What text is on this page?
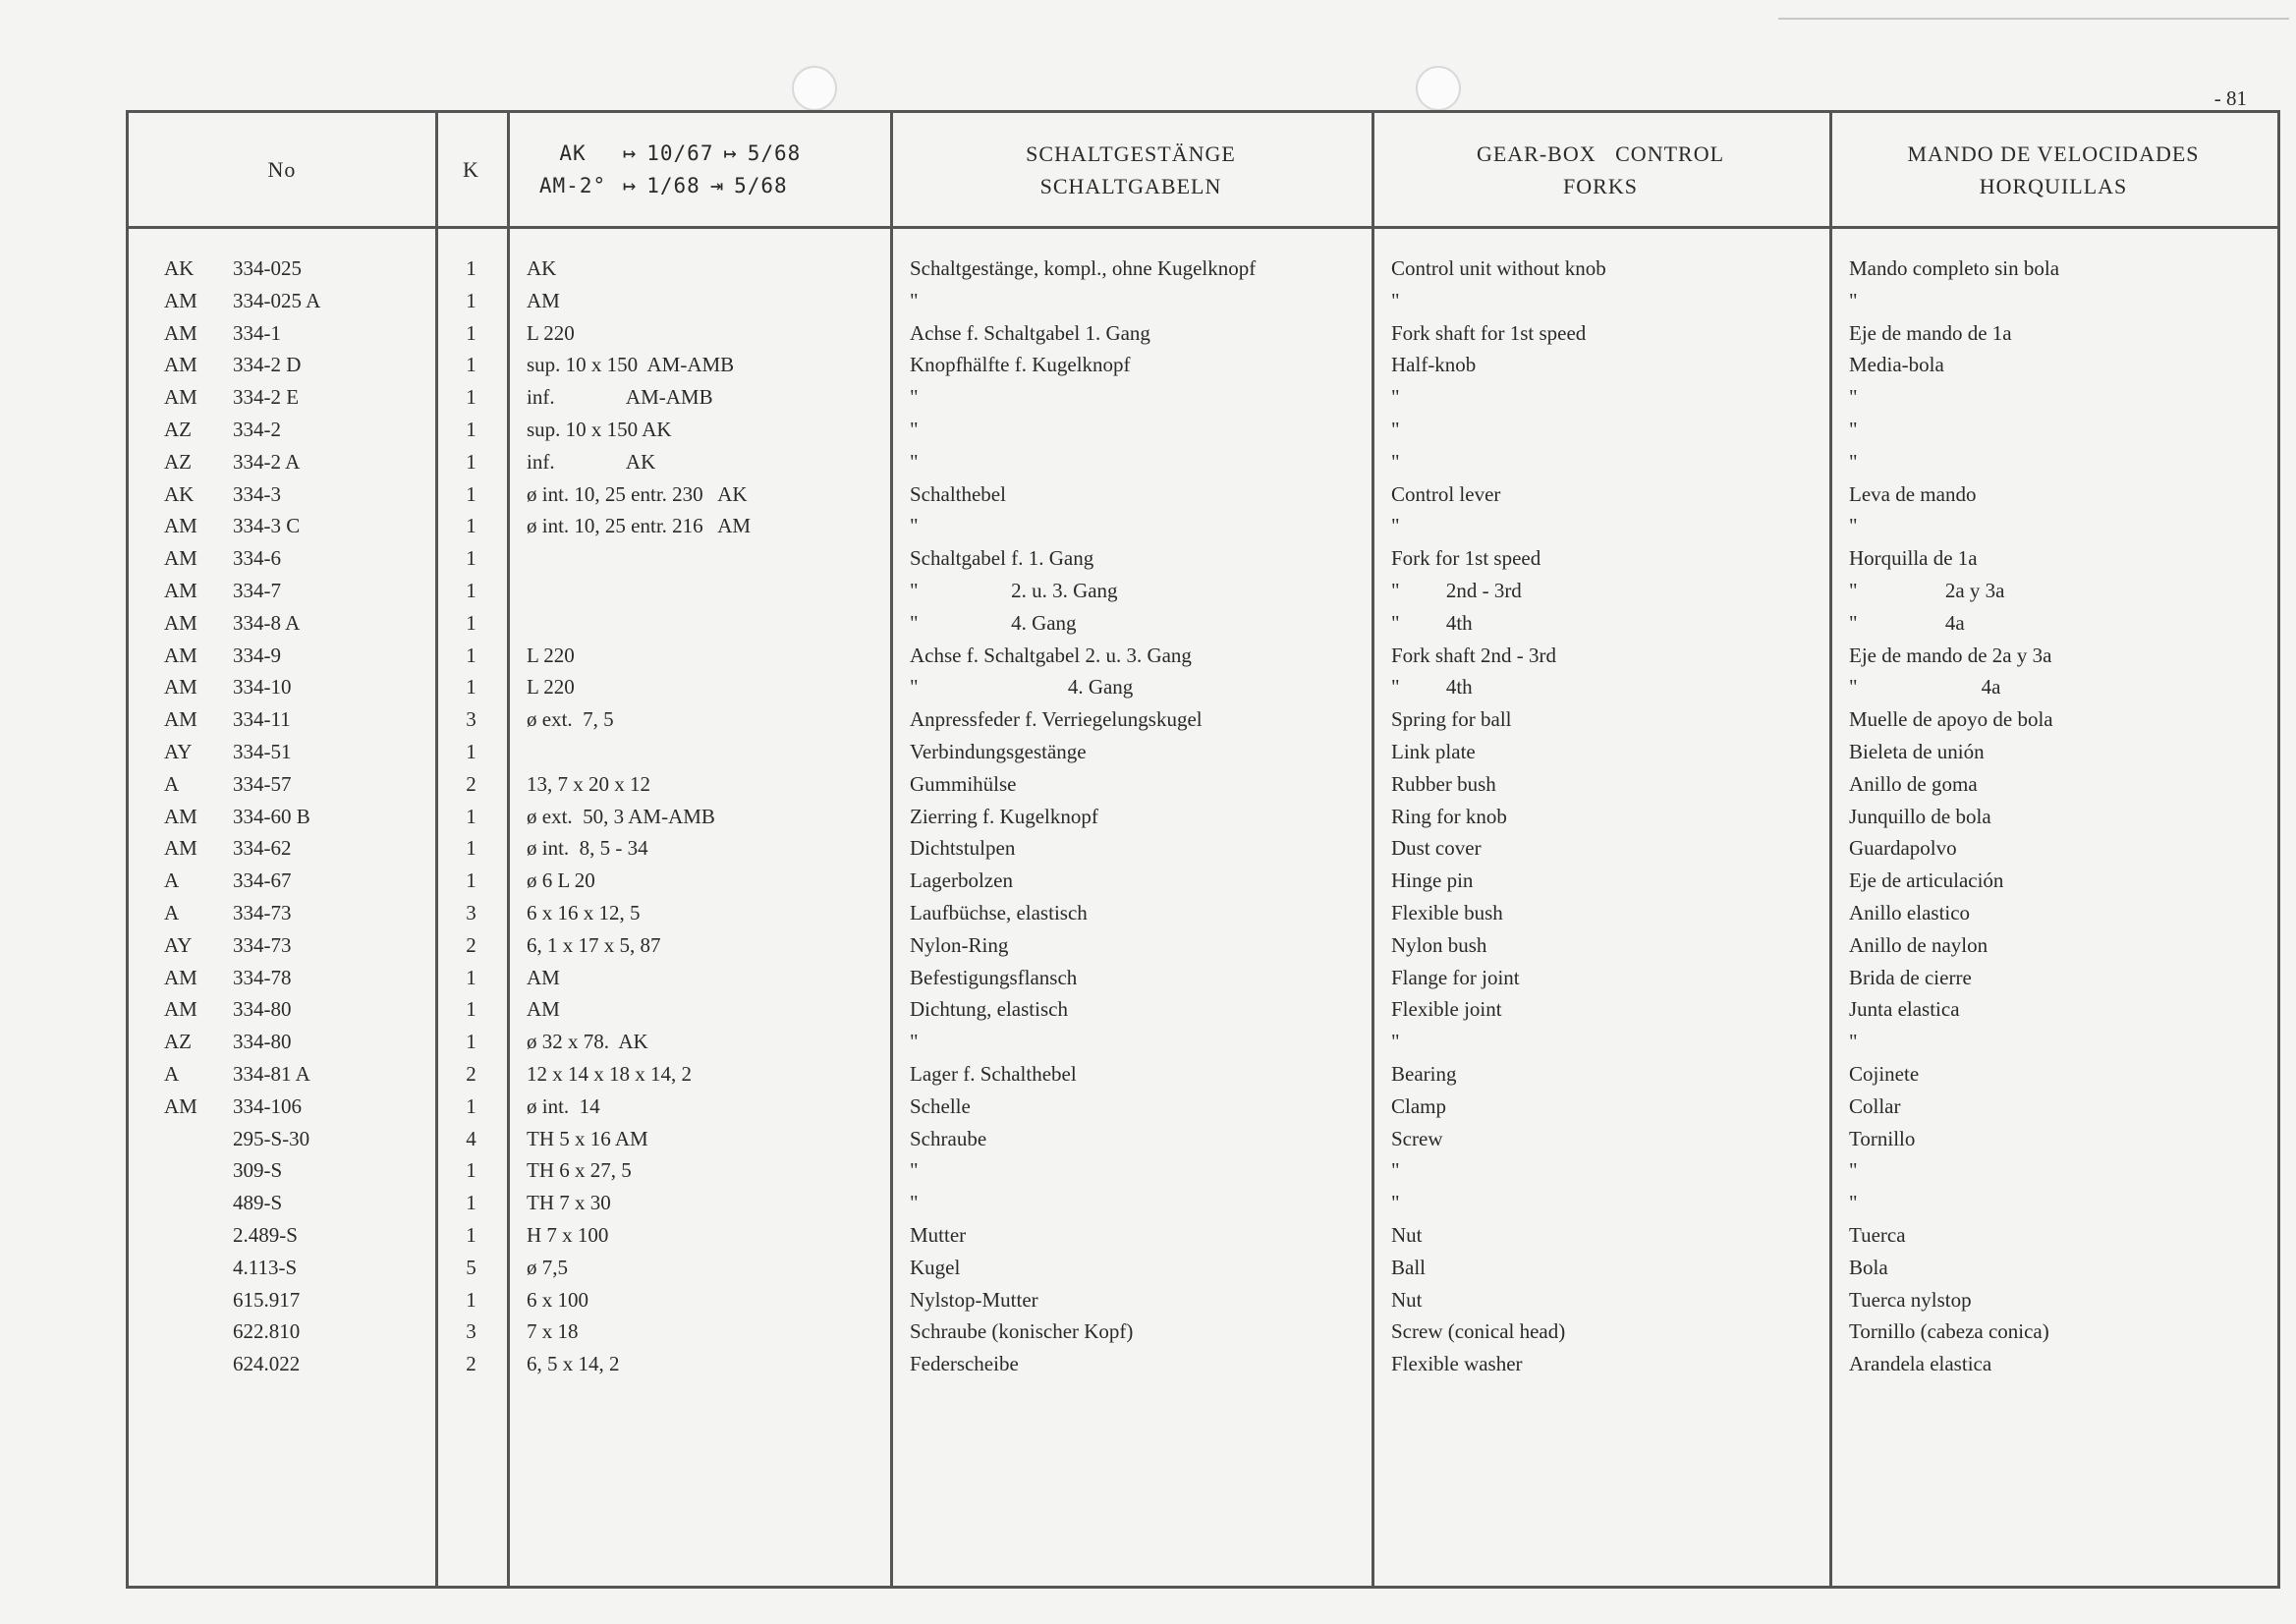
- 81
No
AK 334-025
AM 334-025 A
AM 334-1
AM 334-2 D
AM 334-2 E
AZ 334-2
AZ 334-2 A
AK 334-3
AM 334-3 C
AM 334-6
AM 334-7
AM 334-8 A
AM 334-9
AM 334-10
AM 334-11
AY 334-51
A	334-57
AM 334-60 B
AM 334-62
A	334-67
A	334-73
AY 334-73
AM 334-78
AM 334-80
AZ 334-80
A	334-81 A
AM 334-106
295-S-30
309-S
489-S
2.489-S
4.113-S
615.917
622.810
624.022
K
1
1
1
1
1
1
1
1
1
1
1
1
1
1
3
1
2
1
1
1
3
2
1
1
1
2
1
4
1
1
1
5
1
3
2
AK ↦ 10/67 ↦ 5/68
AM-2° ↦ 1/68 ⇥ 5/68
AK
AM
L 220
sup. 10 x 150  AM-AMB
inf.              AM-AMB
sup. 10 x 150 AK
inf.              AK
ø int. 10, 25 entr. 230   AK
ø int. 10, 25 entr. 216   AM
L 220
L 220
ø ext.  7, 5
13, 7 x 20 x 12
ø ext.  50, 3 AM-AMB
ø int.  8, 5 - 34
ø 6 L 20
6 x 16 x 12, 5
6, 1 x 17 x 5, 87
AM
AM
ø 32 x 78.  AK
12 x 14 x 18 x 14, 2
ø int.  14
TH 5 x 16 AM
TH 6 x 27, 5
TH 7 x 30
H 7 x 100
ø 7,5
6 x 100
7 x 18
6, 5 x 14, 2
SCHALTGESTÄNGE
SCHALTGABELN
Schaltgestänge, kompl., ohne Kugelknopf
"
Achse f. Schaltgabel 1. Gang
Knopfhälfte f. Kugelknopf
"
"
"
Schalthebel
"
Schaltgabel f. 1. Gang
"                  2. u. 3. Gang
"                  4. Gang
Achse f. Schaltgabel 2. u. 3. Gang
"                             4. Gang
Anpressfeder f. Verriegelungskugel
Verbindungsgestänge
Gummihülse
Zierring f. Kugelknopf
Dichtstulpen
Lagerbolzen
Laufbüchse, elastisch
Nylon-Ring
Befestigungsflansch
Dichtung, elastisch
"
Lager f. Schalthebel
Schelle
Schraube
"
"
Mutter
Kugel
Nylstop-Mutter
Schraube (konischer Kopf)
Federscheibe
GEAR-BOX   CONTROL
FORKS
Control unit without knob
"
Fork shaft for 1st speed
Half-knob
"
"
"
Control lever
"
Fork for 1st speed
"         2nd - 3rd
"         4th
Fork shaft 2nd - 3rd
"         4th
Spring for ball
Link plate
Rubber bush
Ring for knob
Dust cover
Hinge pin
Flexible bush
Nylon bush
Flange for joint
Flexible joint
"
Bearing
Clamp
Screw
"
"
Nut
Ball
Nut
Screw (conical head)
Flexible washer
MANDO DE VELOCIDADES
HORQUILLAS
Mando completo sin bola
"
Eje de mando de 1a
Media-bola
"
"
"
Leva de mando
"
Horquilla de 1a
"                 2a y 3a
"                 4a
Eje de mando de 2a y 3a
"                        4a
Muelle de apoyo de bola
Bieleta de unión
Anillo de goma
Junquillo de bola
Guardapolvo
Eje de articulación
Anillo elastico
Anillo de naylon
Brida de cierre
Junta elastica
"
Cojinete
Collar
Tornillo
"
"
Tuerca
Bola
Tuerca nylstop
Tornillo (cabeza conica)
Arandela elastica
